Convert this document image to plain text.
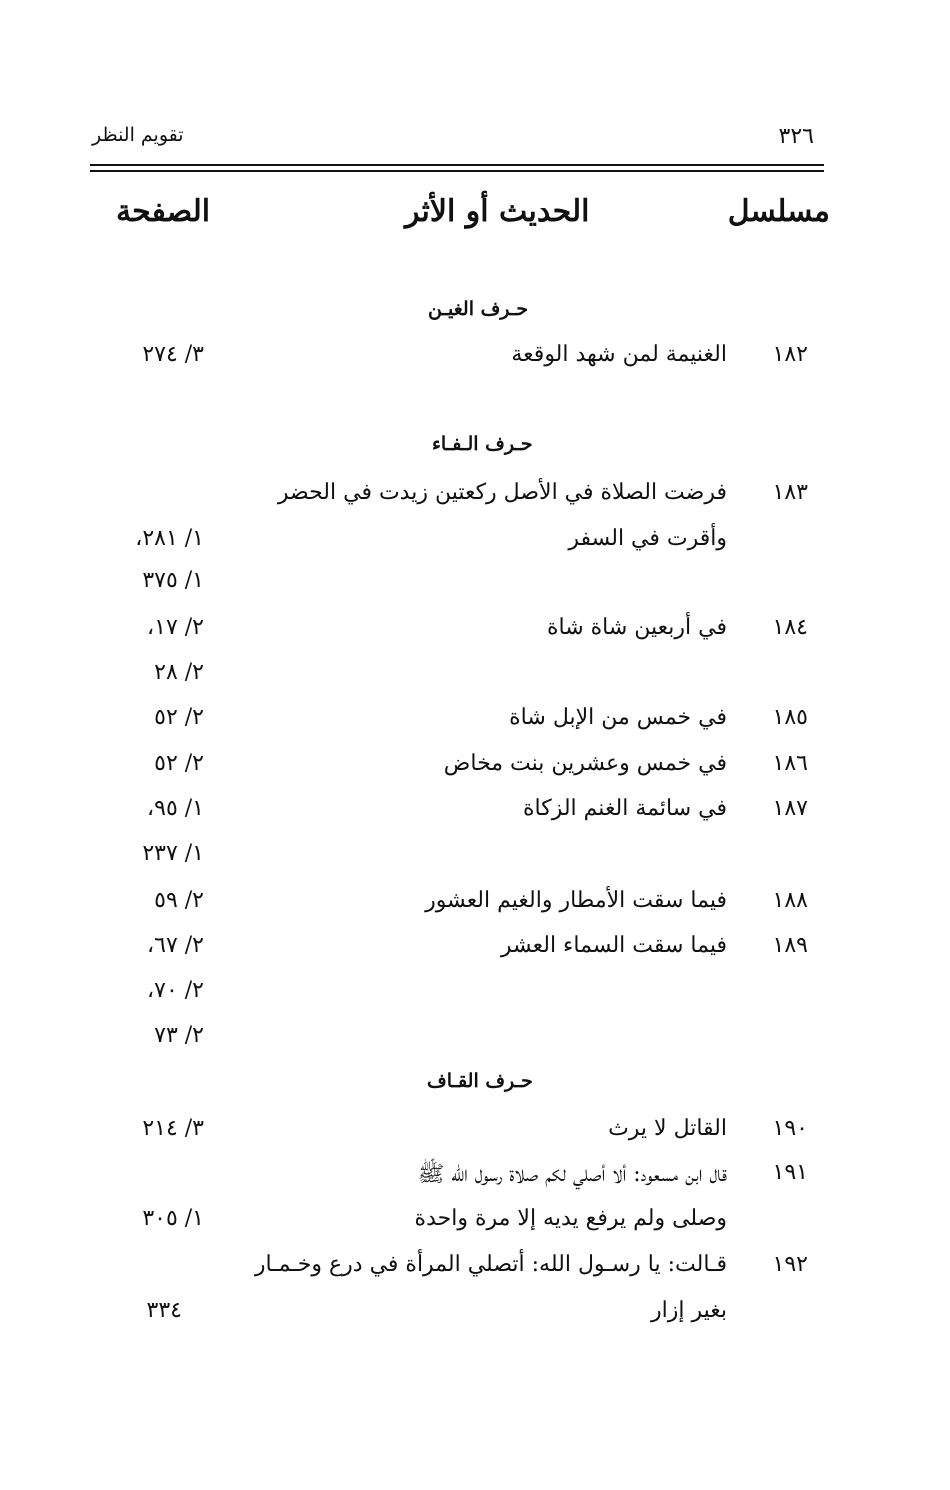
تقويم النظر	٣٢٦
مسلسل
الحديث أو الأثر
الصفحة
حـرف الغيـن
١٨٢
الغنيمة لمن شهد الوقعة
٣/ ٢٧٤
حـرف الـفـاء
١٨٣
فرضت الصلاة في الأصل ركعتين زيدت في الحضر
وأقرت في السفر
١/ ٢٨١،
١/ ٣٧٥
١٨٤
في أربعين شاة شاة
٢/ ١٧،
٢/ ٢٨
١٨٥
في خمس من الإبل شاة
٢/ ٥٢
١٨٦
في خمس وعشرين بنت مخاض
٢/ ٥٢
١٨٧
في سائمة الغنم الزكاة
١/ ٩٥،
١/ ٢٣٧
١٨٨
فيما سقت الأمطار والغيم العشور
٢/ ٥٩
١٨٩
فيما سقت السماء العشر
٢/ ٦٧،
٢/ ٧٠،
٢/ ٧٣
حـرف القـاف
١٩٠
القاتل لا يرث
٣/ ٢١٤
١٩١
قال ابن مسعود: ألا أصلي لكم صلاة رسول الله ﷺ
وصلى ولم يرفع يديه إلا مرة واحدة
١/ ٣٠٥
١٩٢
قـالت: يا رسـول الله: أتصلي المرأة في درع وخـمـار
بغير إزار
٣٣٤
